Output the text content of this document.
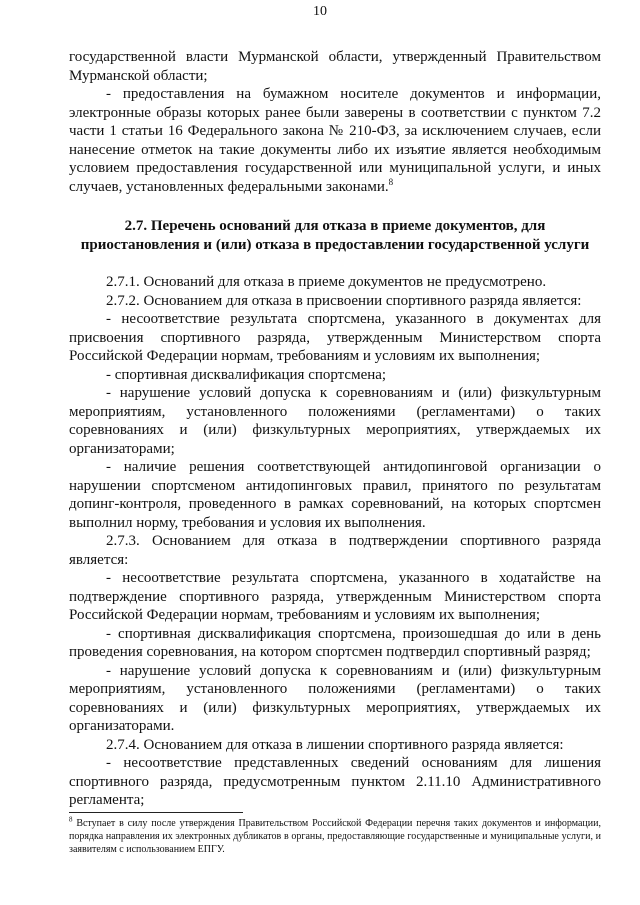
10

государственной власти Мурманской области, утвержденный Правительством Мурманской области;

- предоставления на бумажном носителе документов и информации, электронные образы которых ранее были заверены в соответствии с пунктом 7.2 части 1 статьи 16 Федерального закона № 210-ФЗ, за исключением случаев, если нанесение отметок на такие документы либо их изъятие является необходимым условием предоставления государственной или муниципальной услуги, и иных случаев, установленных федеральными законами.$^8$

2.7. Перечень оснований для отказа в приеме документов, для приостановления и (или) отказа в предоставлении государственной услуги

2.7.1. Оснований для отказа в приеме документов не предусмотрено.

2.7.2. Основанием для отказа в присвоении спортивного разряда является:

- несоответствие результата спортсмена, указанного в документах для присвоения спортивного разряда, утвержденным Министерством спорта Российской Федерации нормам, требованиям и условиям их выполнения;

- спортивная дисквалификация спортсмена;

- нарушение условий допуска к соревнованиям и (или) физкультурным мероприятиям, установленного положениями (регламентами) о таких соревнованиях и (или) физкультурных мероприятиях, утверждаемых их организаторами;

- наличие решения соответствующей антидопинговой организации о нарушении спортсменом антидопинговых правил, принятого по результатам допинг-контроля, проведенного в рамках соревнований, на которых спортсмен выполнил норму, требования и условия их выполнения.

2.7.3. Основанием для отказа в подтверждении спортивного разряда является:

- несоответствие результата спортсмена, указанного в ходатайстве на подтверждение спортивного разряда, утвержденным Министерством спорта Российской Федерации нормам, требованиям и условиям их выполнения;

- спортивная дисквалификация спортсмена, произошедшая до или в день проведения соревнования, на котором спортсмен подтвердил спортивный разряд;

- нарушение условий допуска к соревнованиям и (или) физкультурным мероприятиям, установленного положениями (регламентами) о таких соревнованиях и (или) физкультурных мероприятиях, утверждаемых их организаторами.

2.7.4. Основанием для отказа в лишении спортивного разряда является:

- несоответствие представленных сведений основаниям для лишения спортивного разряда, предусмотренным пунктом 2.11.10 Административного регламента;

$^8$ Вступает в силу после утверждения Правительством Российской Федерации перечня таких документов и информации, порядка направления их электронных дубликатов в органы, предоставляющие государственные и муниципальные услуги, и заявителям с использованием ЕПГУ.
